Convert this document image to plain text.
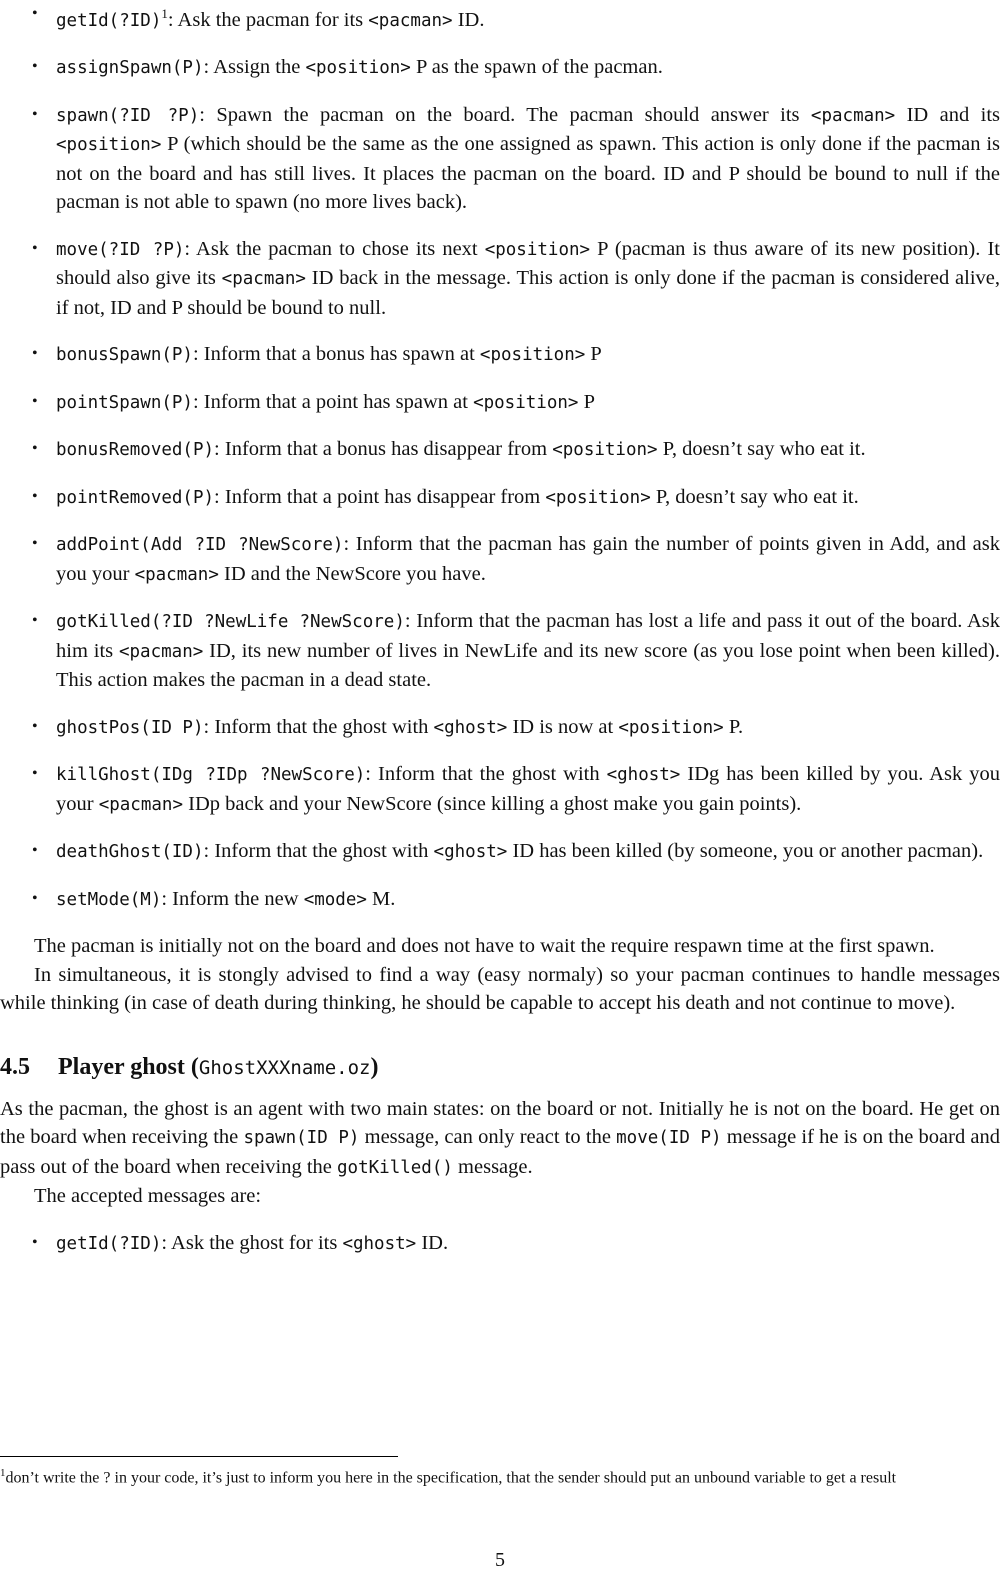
• getId(?ID)$^1$: Ask the pacman for its <pacman> ID.
• assignSpawn(P): Assign the <position> P as the spawn of the pacman.
• spawn(?ID ?P): Spawn the pacman on the board. The pacman should answer its <pacman> ID and its <position> P (which should be the same as the one assigned as spawn. This action is only done if the pacman is not on the board and has still lives. It places the pacman on the board. ID and P should be bound to null if the pacman is not able to spawn (no more lives back).
• move(?ID ?P): Ask the pacman to chose its next <position> P (pacman is thus aware of its new position). It should also give its <pacman> ID back in the message. This action is only done if the pacman is considered alive, if not, ID and P should be bound to null.
• bonusSpawn(P): Inform that a bonus has spawn at <position> P
• pointSpawn(P): Inform that a point has spawn at <position> P
• bonusRemoved(P): Inform that a bonus has disappear from <position> P, doesn’t say who eat it.
• pointRemoved(P): Inform that a point has disappear from <position> P, doesn’t say who eat it.
• addPoint(Add ?ID ?NewScore): Inform that the pacman has gain the number of points given in Add, and ask you your <pacman> ID and the NewScore you have.
• gotKilled(?ID ?NewLife ?NewScore): Inform that the pacman has lost a life and pass it out of the board. Ask him its <pacman> ID, its new number of lives in NewLife and its new score (as you lose point when been killed). This action makes the pacman in a dead state.
• ghostPos(ID P): Inform that the ghost with <ghost> ID is now at <position> P.
• killGhost(IDg ?IDp ?NewScore): Inform that the ghost with <ghost> IDg has been killed by you. Ask you your <pacman> IDp back and your NewScore (since killing a ghost make you gain points).
• deathGhost(ID): Inform that the ghost with <ghost> ID has been killed (by someone, you or another pacman).
• setMode(M): Inform the new <mode> M.

The pacman is initially not on the board and does not have to wait the require respawn time at the first spawn.

In simultaneous, it is stongly advised to find a way (easy normaly) so your pacman continues to handle messages while thinking (in case of death during thinking, he should be capable to accept his death and not continue to move).

4.5 Player ghost (GhostXXXname.oz)

As the pacman, the ghost is an agent with two main states: on the board or not. Initially he is not on the board. He get on the board when receiving the spawn(ID P) message, can only react to the move(ID P) message if he is on the board and pass out of the board when receiving the gotKilled() message.

The accepted messages are:

• getId(?ID): Ask the ghost for its <ghost> ID.
$^1$don’t write the ? in your code, it’s just to inform you here in the specification, that the sender should put an unbound variable to get a result
5
